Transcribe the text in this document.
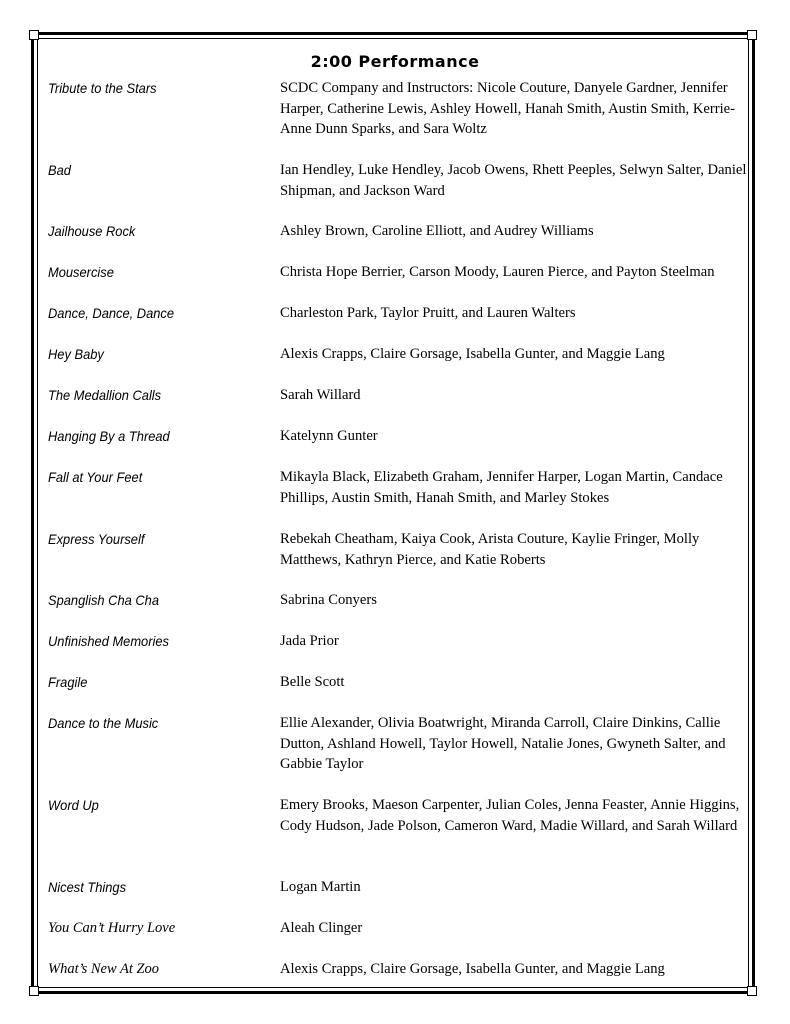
2:00 Performance
Tribute to the Stars	SCDC Company and Instructors: Nicole Couture, Danyele Gardner, Jennifer Harper, Catherine Lewis, Ashley Howell, Hanah Smith, Austin Smith, Kerrie-Anne Dunn Sparks, and Sara Woltz
Bad	Ian Hendley, Luke Hendley, Jacob Owens, Rhett Peeples, Selwyn Salter, Daniel Shipman, and Jackson Ward
Jailhouse Rock	Ashley Brown, Caroline Elliott, and Audrey Williams
Mousercise	Christa Hope Berrier, Carson Moody, Lauren Pierce, and Payton Steelman
Dance, Dance, Dance	Charleston Park, Taylor Pruitt, and Lauren Walters
Hey Baby	Alexis Crapps, Claire Gorsage, Isabella Gunter, and Maggie Lang
The Medallion Calls	Sarah Willard
Hanging By a Thread	Katelynn Gunter
Fall at Your Feet	Mikayla Black, Elizabeth Graham, Jennifer Harper, Logan Martin, Candace Phillips, Austin Smith, Hanah Smith, and Marley Stokes
Express Yourself	Rebekah Cheatham, Kaiya Cook, Arista Couture, Kaylie Fringer, Molly Matthews, Kathryn Pierce, and Katie Roberts
Spanglish Cha Cha	Sabrina Conyers
Unfinished Memories	Jada Prior
Fragile	Belle Scott
Dance to the Music	Ellie Alexander, Olivia Boatwright, Miranda Carroll, Claire Dinkins, Callie Dutton, Ashland Howell, Taylor Howell, Natalie Jones, Gwyneth Salter, and Gabbie Taylor
Word Up	Emery Brooks, Maeson Carpenter, Julian Coles, Jenna Feaster, Annie Higgins, Cody Hudson, Jade Polson, Cameron Ward, Madie Willard, and Sarah Willard
Nicest Things	Logan Martin
You Can’t Hurry Love	Aleah Clinger
What’s New At Zoo	Alexis Crapps, Claire Gorsage, Isabella Gunter, and Maggie Lang
